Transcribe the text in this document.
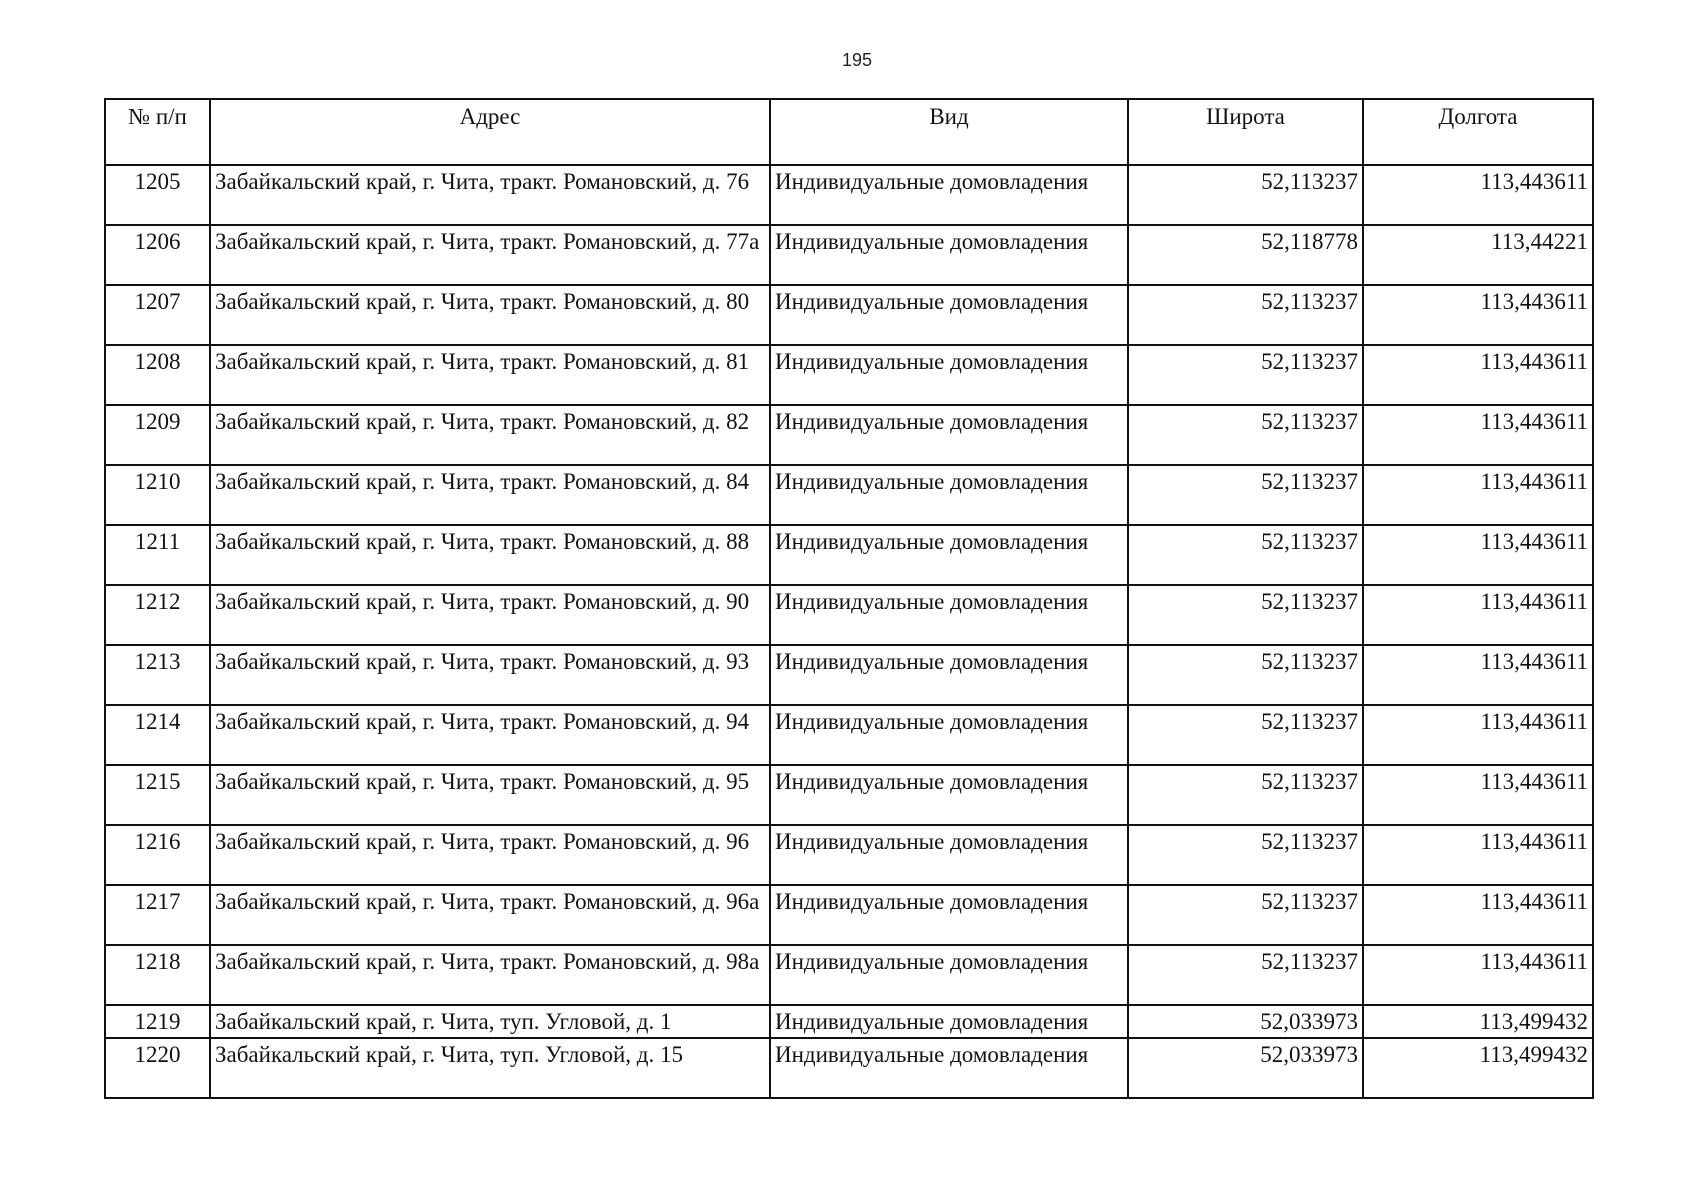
195
№ п/п	Адрес	Вид	Широта	Долгота
1205	Забайкальский край, г. Чита, тракт. Романовский, д. 76	Индивидуальные домовладения	52,113237	113,443611
1206	Забайкальский край, г. Чита, тракт. Романовский, д. 77а	Индивидуальные домовладения	52,118778	113,44221
1207	Забайкальский край, г. Чита, тракт. Романовский, д. 80	Индивидуальные домовладения	52,113237	113,443611
1208	Забайкальский край, г. Чита, тракт. Романовский, д. 81	Индивидуальные домовладения	52,113237	113,443611
1209	Забайкальский край, г. Чита, тракт. Романовский, д. 82	Индивидуальные домовладения	52,113237	113,443611
1210	Забайкальский край, г. Чита, тракт. Романовский, д. 84	Индивидуальные домовладения	52,113237	113,443611
1211	Забайкальский край, г. Чита, тракт. Романовский, д. 88	Индивидуальные домовладения	52,113237	113,443611
1212	Забайкальский край, г. Чита, тракт. Романовский, д. 90	Индивидуальные домовладения	52,113237	113,443611
1213	Забайкальский край, г. Чита, тракт. Романовский, д. 93	Индивидуальные домовладения	52,113237	113,443611
1214	Забайкальский край, г. Чита, тракт. Романовский, д. 94	Индивидуальные домовладения	52,113237	113,443611
1215	Забайкальский край, г. Чита, тракт. Романовский, д. 95	Индивидуальные домовладения	52,113237	113,443611
1216	Забайкальский край, г. Чита, тракт. Романовский, д. 96	Индивидуальные домовладения	52,113237	113,443611
1217	Забайкальский край, г. Чита, тракт. Романовский, д. 96а	Индивидуальные домовладения	52,113237	113,443611
1218	Забайкальский край, г. Чита, тракт. Романовский, д. 98а	Индивидуальные домовладения	52,113237	113,443611
1219	Забайкальский край, г. Чита, туп. Угловой, д. 1	Индивидуальные домовладения	52,033973	113,499432
1220	Забайкальский край, г. Чита, туп. Угловой, д. 15	Индивидуальные домовладения	52,033973	113,499432
